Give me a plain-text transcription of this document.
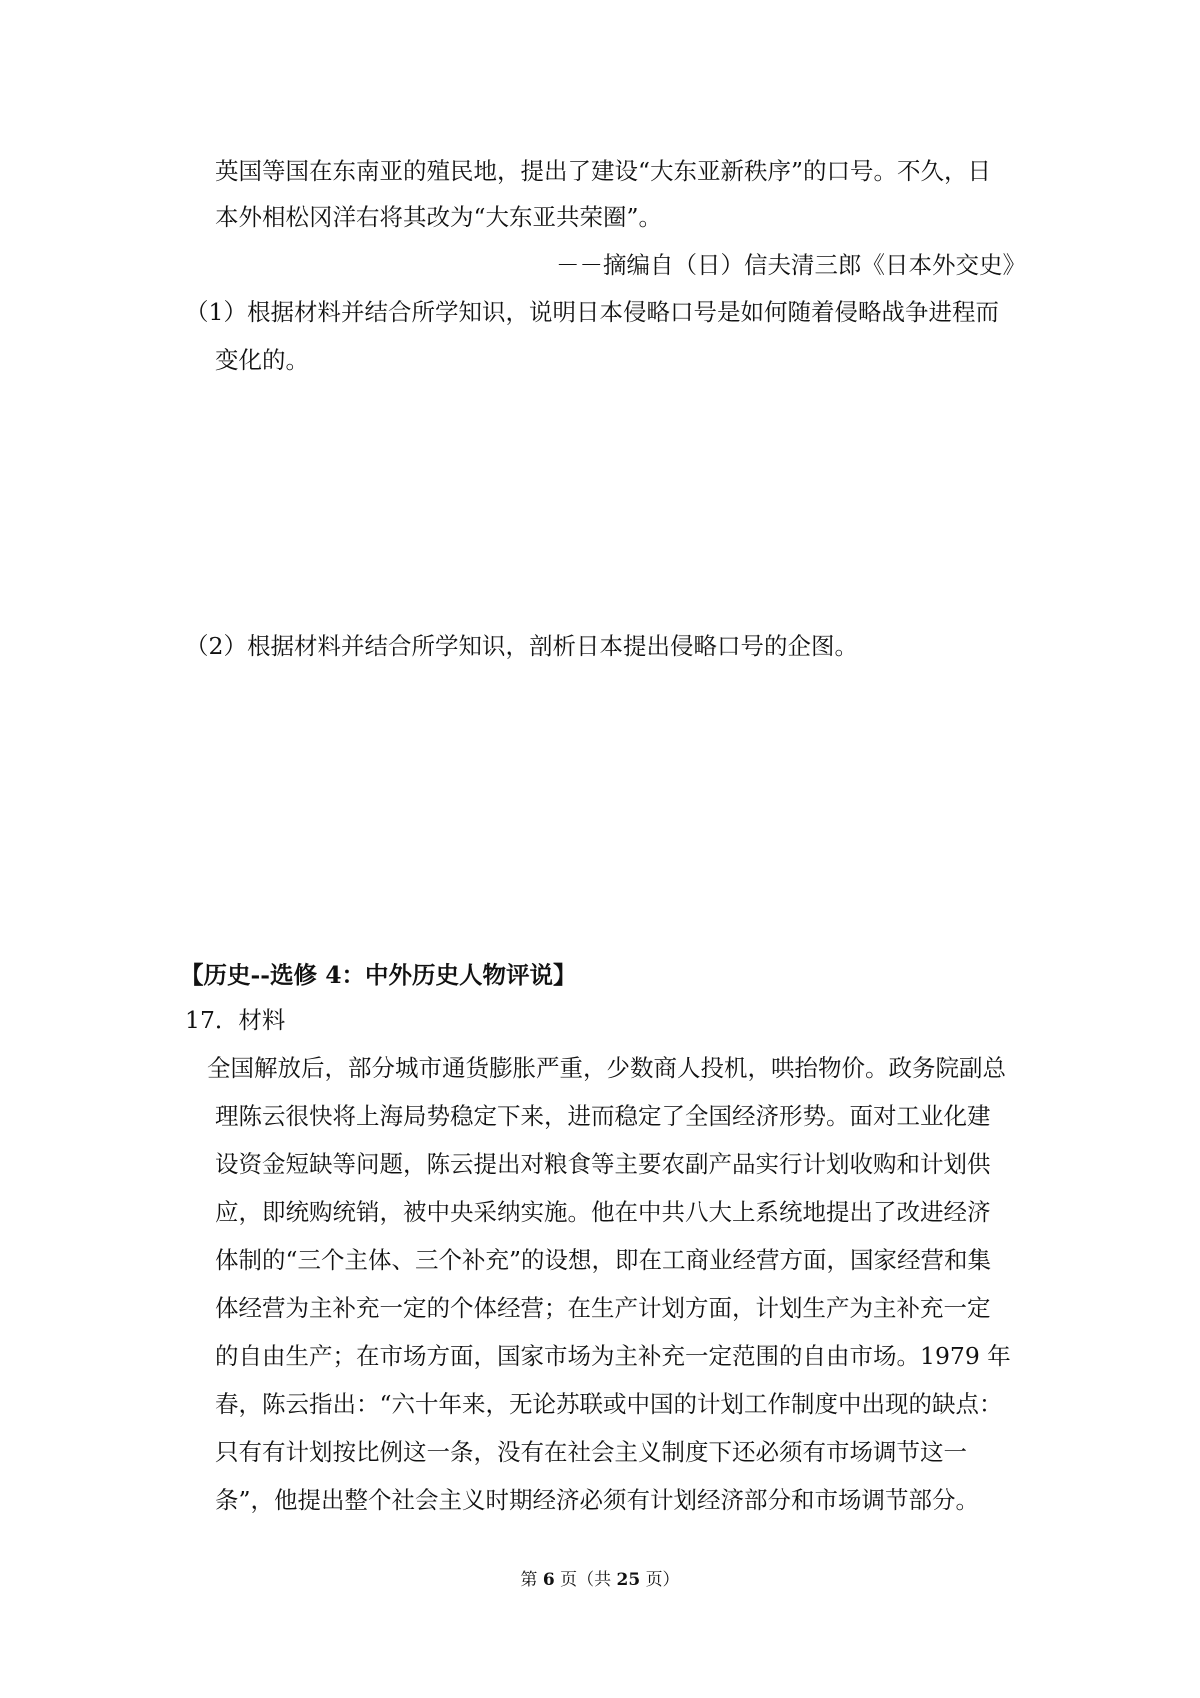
英国等国在东南亚的殖民地，提出了建设“大东亚新秩序”的口号。不久，日
本外相松冈洋右将其改为“大东亚共荣圈”。
－－摘编自（日）信夫清三郎《日本外交史》
（1）根据材料并结合所学知识，说明日本侵略口号是如何随着侵略战争进程而
变化的。
（2）根据材料并结合所学知识，剖析日本提出侵略口号的企图。
【历史--选修 4：中外历史人物评说】
17．材料
全国解放后，部分城市通货膨胀严重，少数商人投机，哄抬物价。政务院副总
理陈云很快将上海局势稳定下来，进而稳定了全国经济形势。面对工业化建
设资金短缺等问题，陈云提出对粮食等主要农副产品实行计划收购和计划供
应，即统购统销，被中央采纳实施。他在中共八大上系统地提出了改进经济
体制的“三个主体、三个补充”的设想，即在工商业经营方面，国家经营和集
体经营为主补充一定的个体经营；在生产计划方面，计划生产为主补充一定
的自由生产；在市场方面，国家市场为主补充一定范围的自由市场。1979 年
春，陈云指出：“六十年来，无论苏联或中国的计划工作制度中出现的缺点：
只有有计划按比例这一条，没有在社会主义制度下还必须有市场调节这一
条”，他提出整个社会主义时期经济必须有计划经济部分和市场调节部分。
第 6 页（共 25 页）
